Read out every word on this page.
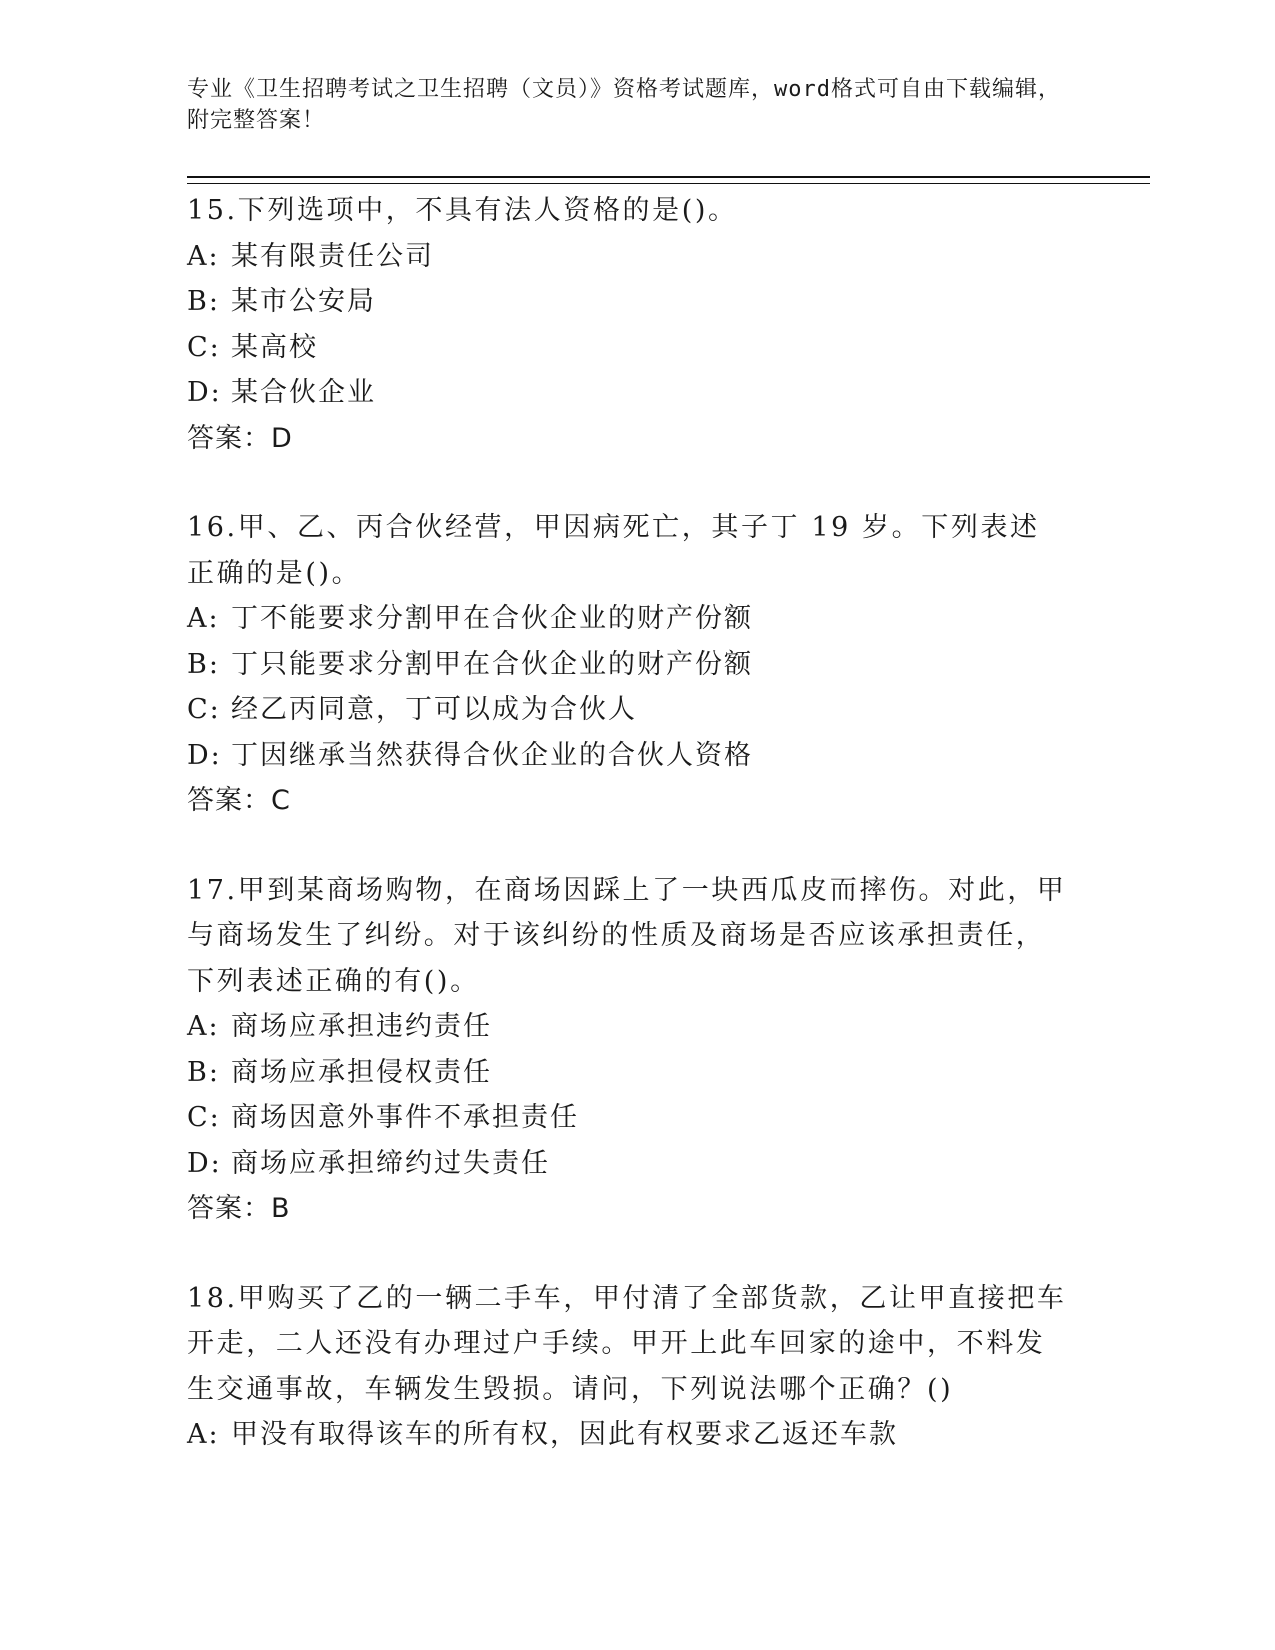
专业《卫生招聘考试之卫生招聘（文员）》资格考试题库，word格式可自由下载编辑，附完整答案！
15.下列选项中，不具有法人资格的是()。
A: 某有限责任公司
B: 某市公安局
C: 某高校
D: 某合伙企业
答案：D
16.甲、乙、丙合伙经营，甲因病死亡，其子丁 19 岁。下列表述正确的是()。
A: 丁不能要求分割甲在合伙企业的财产份额
B: 丁只能要求分割甲在合伙企业的财产份额
C: 经乙丙同意，丁可以成为合伙人
D: 丁因继承当然获得合伙企业的合伙人资格
答案：C
17.甲到某商场购物，在商场因踩上了一块西瓜皮而摔伤。对此，甲与商场发生了纠纷。对于该纠纷的性质及商场是否应该承担责任，下列表述正确的有()。
A: 商场应承担违约责任
B: 商场应承担侵权责任
C: 商场因意外事件不承担责任
D: 商场应承担缔约过失责任
答案：B
18.甲购买了乙的一辆二手车，甲付清了全部货款，乙让甲直接把车开走，二人还没有办理过户手续。甲开上此车回家的途中，不料发生交通事故，车辆发生毁损。请问，下列说法哪个正确？()
A: 甲没有取得该车的所有权，因此有权要求乙返还车款
